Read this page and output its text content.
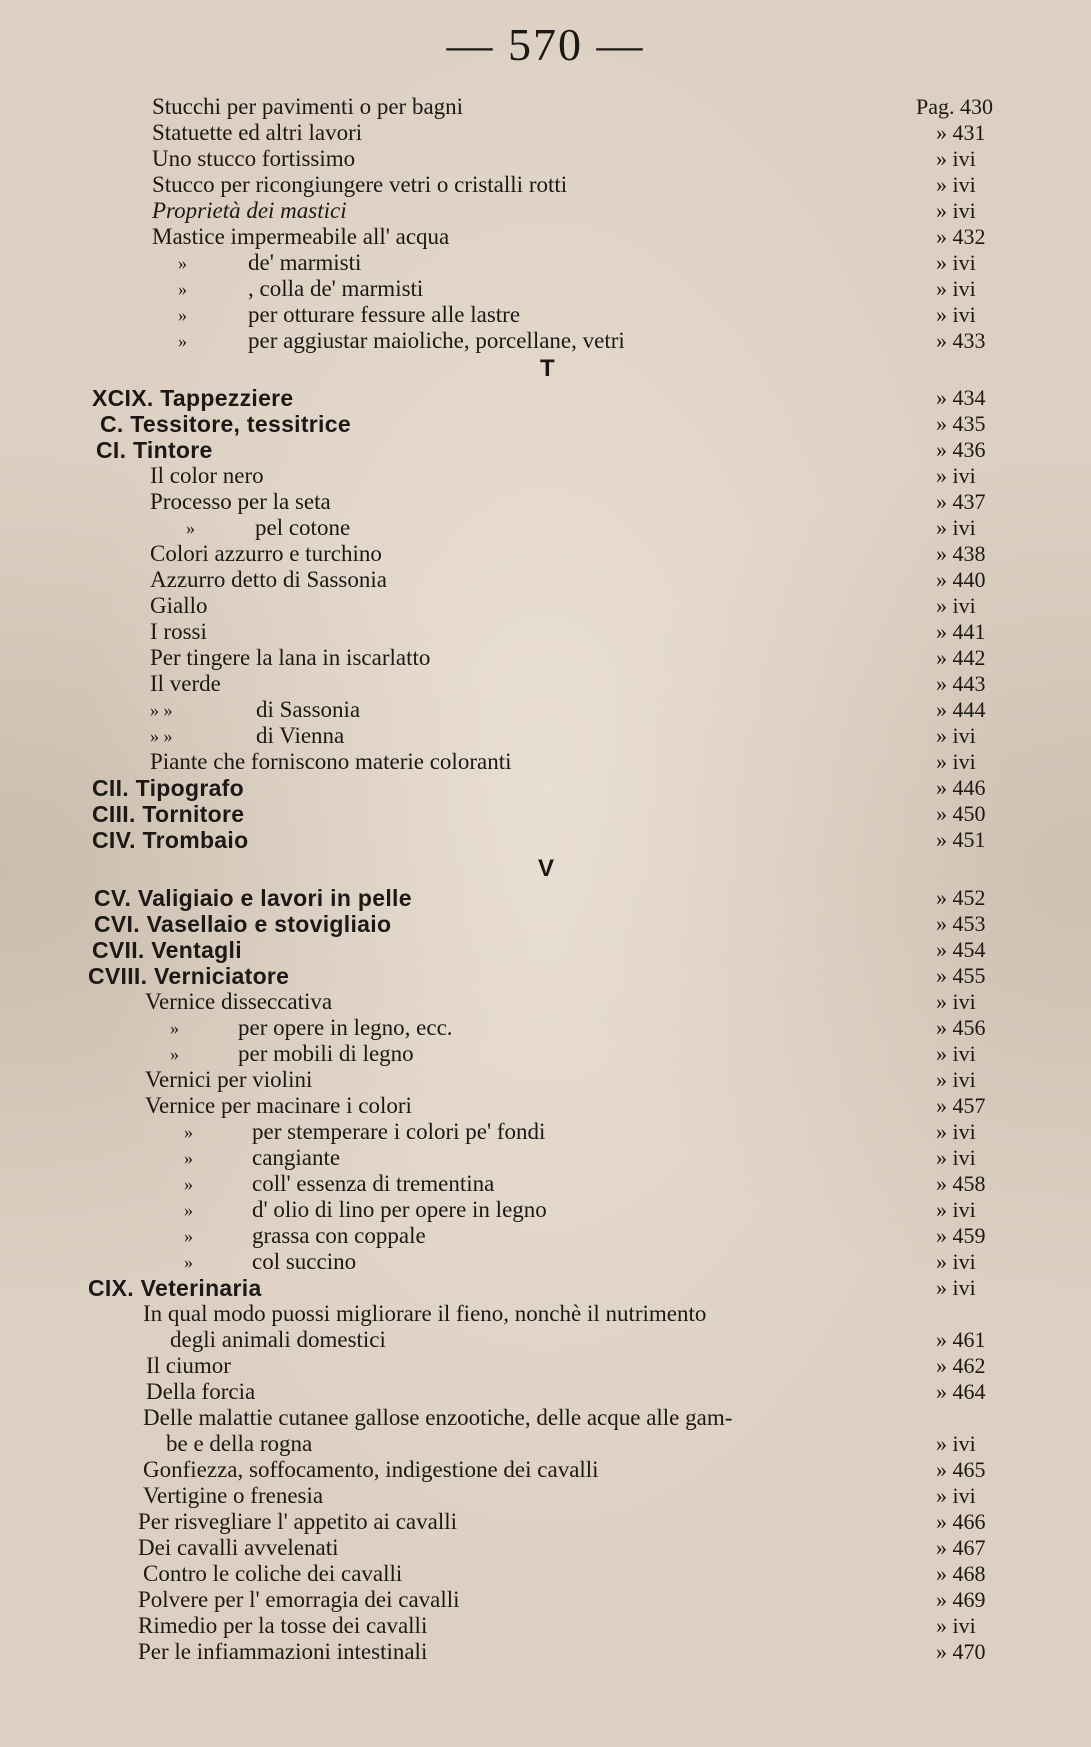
— 570 —
Stucchi per pavimenti o per bagni	Pag. 430
Statuette ed altri lavori	» 431
Uno stucco fortissimo	» ivi
Stucco per ricongiungere vetri o cristalli rotti	» ivi
Proprietà dei mastici	» ivi
Mastice impermeabile all' acqua	» 432
»	de' marmisti	» ivi
»	, colla de' marmisti	» ivi
»	per otturare fessure alle lastre	» ivi
»	per aggiustar maioliche, porcellane, vetri	» 433
T
XCIX. Tappezziere	» 434
C. Tessitore, tessitrice	» 435
CI. Tintore	» 436
Il color nero	» ivi
Processo per la seta	» 437
»	pel cotone	» ivi
Colori azzurro e turchino	» 438
Azzurro detto di Sassonia	» 440
Giallo	» ivi
I rossi	» 441
Per tingere la lana in iscarlatto	» 442
Il verde	» 443
» »	di Sassonia	» 444
» »	di Vienna	» ivi
Piante che forniscono materie coloranti	» ivi
CII. Tipografo	» 446
CIII. Tornitore	» 450
CIV. Trombaio	» 451
V
CV. Valigiaio e lavori in pelle	» 452
CVI. Vasellaio e stovigliaio	» 453
CVII. Ventagli	» 454
CVIII. Verniciatore	» 455
Vernice disseccativa	» ivi
»	per opere in legno, ecc.	» 456
»	per mobili di legno	» ivi
Vernici per violini	» ivi
Vernice per macinare i colori	» 457
»	per stemperare i colori pe' fondi	» ivi
»	cangiante	» ivi
»	coll' essenza di trementina	» 458
»	d' olio di lino per opere in legno	» ivi
»	grassa con coppale	» 459
»	col succino	» ivi
CIX. Veterinaria	» ivi
In qual modo puossi migliorare il fieno, nonchè il nutrimento
degli animali domestici	» 461
Il ciumor	» 462
Della forcia	» 464
Delle malattie cutanee gallose enzootiche, delle acque alle gam-
be e della rogna	» ivi
Gonfiezza, soffocamento, indigestione dei cavalli	» 465
Vertigine o frenesia	» ivi
Per risvegliare l' appetito ai cavalli	» 466
Dei cavalli avvelenati	» 467
Contro le coliche dei cavalli	» 468
Polvere per l' emorragia dei cavalli	» 469
Rimedio per la tosse dei cavalli	» ivi
Per le infiammazioni intestinali	» 470
